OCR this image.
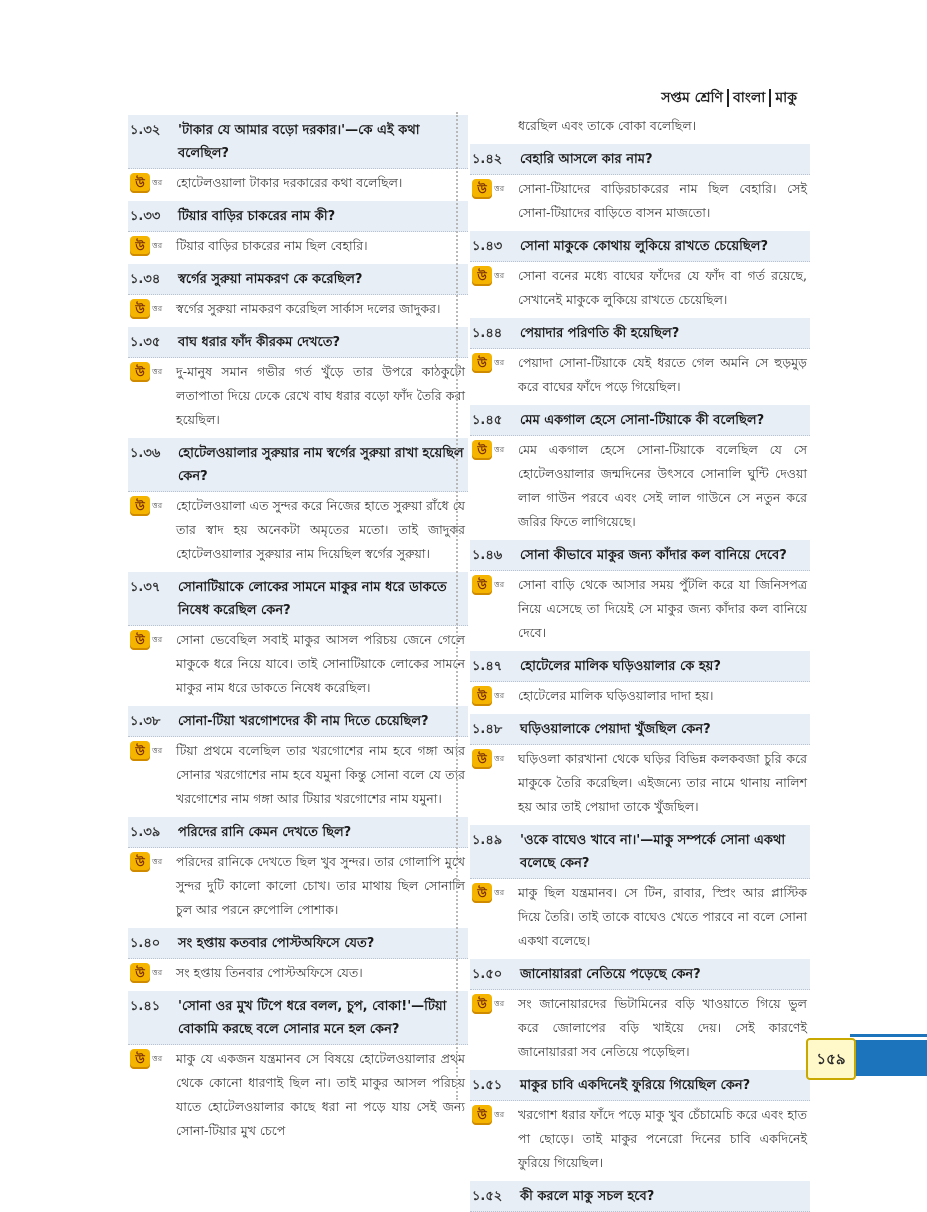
সপ্তম শ্রেণি বাংলা মাকু
১.৩২	'টাকার যে আমার বড়ো দরকার।'—কে এই কথা বলেছিল?
উ ত্তর হোটেলওয়ালা টাকার দরকারের কথা বলেছিল।
১.৩৩	টিয়ার বাড়ির চাকরের নাম কী?
উ ত্তর টিয়ার বাড়ির চাকরের নাম ছিল বেহারি।
১.৩৪	স্বর্গের সুরুয়া নামকরণ কে করেছিল?
উ ত্তর স্বর্গের সুরুয়া নামকরণ করেছিল সার্কাস দলের জাদুকর।
১.৩৫	বাঘ ধরার ফাঁদ কীরকম দেখতে?
উ ত্তর দু-মানুষ সমান গভীর গর্ত খুঁড়ে তার উপরে কাঠকুটো লতাপাতা দিয়ে ঢেকে রেখে বাঘ ধরার বড়ো ফাঁদ তৈরি করা হয়েছিল।
১.৩৬	হোটেলওয়ালার সুরুয়ার নাম স্বর্গের সুরুয়া রাখা হয়েছিল কেন?
উ ত্তর হোটেলওয়ালা এত সুন্দর করে নিজের হাতে সুরুয়া রাঁধে যে তার স্বাদ হয় অনেকটা অমৃতের মতো। তাই জাদুকর হোটেলওয়ালার সুরুয়ার নাম দিয়েছিল স্বর্গের সুরুয়া।
১.৩৭	সোনাটিয়াকে লোকের সামনে মাকুর নাম ধরে ডাকতে নিষেধ করেছিল কেন?
উ ত্তর সোনা ভেবেছিল সবাই মাকুর আসল পরিচয় জেনে গেলে মাকুকে ধরে নিয়ে যাবে। তাই সোনাটিয়াকে লোকের সামনে মাকুর নাম ধরে ডাকতে নিষেধ করেছিল।
১.৩৮	সোনা-টিয়া খরগোশদের কী নাম দিতে চেয়েছিল?
উ ত্তর টিয়া প্রথমে বলেছিল তার খরগোশের নাম হবে গঙ্গা আর সোনার খরগোশের নাম হবে যমুনা কিন্তু সোনা বলে যে তার খরগোশের নাম গঙ্গা আর টিয়ার খরগোশের নাম যমুনা।
১.৩৯	পরিদের রানি কেমন দেখতে ছিল?
উ ত্তর পরিদের রানিকে দেখতে ছিল খুব সুন্দর। তার গোলাপি মুখে সুন্দর দুটি কালো কালো চোখ। তার মাথায় ছিল সোনালি চুল আর পরনে রুপোলি পোশাক।
১.৪০	সং হপ্তায় কতবার পোস্টঅফিসে যেত?
উ ত্তর সং হপ্তায় তিনবার পোস্টঅফিসে যেত।
১.৪১	'সোনা ওর মুখ টিপে ধরে বলল, চুপ, বোকা!'—টিয়া বোকামি করছে বলে সোনার মনে হল কেন?
উ ত্তর মাকু যে একজন যন্ত্রমানব সে বিষয়ে হোটেলওয়ালার প্রথম থেকে কোনো ধারণাই ছিল না। তাই মাকুর আসল পরিচয় যাতে হোটেলওয়ালার কাছে ধরা না পড়ে যায় সেই জন্য সোনা-টিয়ার মুখ চেপে
ধরেছিল এবং তাকে বোকা বলেছিল।
১.৪২	বেহারি আসলে কার নাম?
উ ত্তর সোনা-টিয়াদের বাড়িরচাকরের নাম ছিল বেহারি। সেই সোনা-টিয়াদের বাড়িতে বাসন মাজতো।
১.৪৩	সোনা মাকুকে কোথায় লুকিয়ে রাখতে চেয়েছিল?
উ ত্তর সোনা বনের মধ্যে বাঘের ফাঁদের যে ফাঁদ বা গর্ত রয়েছে, সেখানেই মাকুকে লুকিয়ে রাখতে চেয়েছিল।
১.৪৪	পেয়াদার পরিণতি কী হয়েছিল?
উ ত্তর পেয়াদা সোনা-টিয়াকে যেই ধরতে গেল অমনি সে হুড়মুড় করে বাঘের ফাঁদে পড়ে গিয়েছিল।
১.৪৫	মেম একগাল হেসে সোনা-টিয়াকে কী বলেছিল?
উ ত্তর মেম একগাল হেসে সোনা-টিয়াকে বলেছিল যে সে হোটেলওয়ালার জন্মদিনের উৎসবে সোনালি ঘুন্টি দেওয়া লাল গাউন পরবে এবং সেই লাল গাউনে সে নতুন করে জরির ফিতে লাগিয়েছে।
১.৪৬	সোনা কীভাবে মাকুর জন্য কাঁদার কল বানিয়ে দেবে?
উ ত্তর সোনা বাড়ি থেকে আসার সময় পুঁটলি করে যা জিনিসপত্র নিয়ে এসেছে তা দিয়েই সে মাকুর জন্য কাঁদার কল বানিয়ে দেবে।
১.৪৭	হোটেলের মালিক ঘড়িওয়ালার কে হয়?
উ ত্তর হোটেলের মালিক ঘড়িওয়ালার দাদা হয়।
১.৪৮	ঘড়িওয়ালাকে পেয়াদা খুঁজছিল কেন?
উ ত্তর ঘড়িওলা কারখানা থেকে ঘড়ির বিভিন্ন কলকবজা চুরি করে মাকুকে তৈরি করেছিল। এইজন্যে তার নামে থানায় নালিশ হয় আর তাই পেয়াদা তাকে খুঁজছিল।
১.৪৯	'ওকে বাঘেও খাবে না।'—মাকু সম্পর্কে সোনা একথা বলেছে কেন?
উ ত্তর মাকু ছিল যন্ত্রমানব। সে টিন, রাবার, স্প্রিং আর প্লাস্টিক দিয়ে তৈরি। তাই তাকে বাঘেও খেতে পারবে না বলে সোনা একথা বলেছে।
১.৫০	জানোয়াররা নেতিয়ে পড়েছে কেন?
উ ত্তর সং জানোয়ারদের ভিটামিনের বড়ি খাওয়াতে গিয়ে ভুল করে জোলাপের বড়ি খাইয়ে দেয়। সেই কারণেই জানোয়াররা সব নেতিয়ে পড়েছিল।
১.৫১	মাকুর চাবি একদিনেই ফুরিয়ে গিয়েছিল কেন?
উ ত্তর খরগোশ ধরার ফাঁদে পড়ে মাকু খুব চেঁচামেচি করে এবং হাত পা ছোড়ে। তাই মাকুর পনেরো দিনের চাবি একদিনেই ফুরিয়ে গিয়েছিল।
১.৫২	কী করলে মাকু সচল হবে?
১৫৯
